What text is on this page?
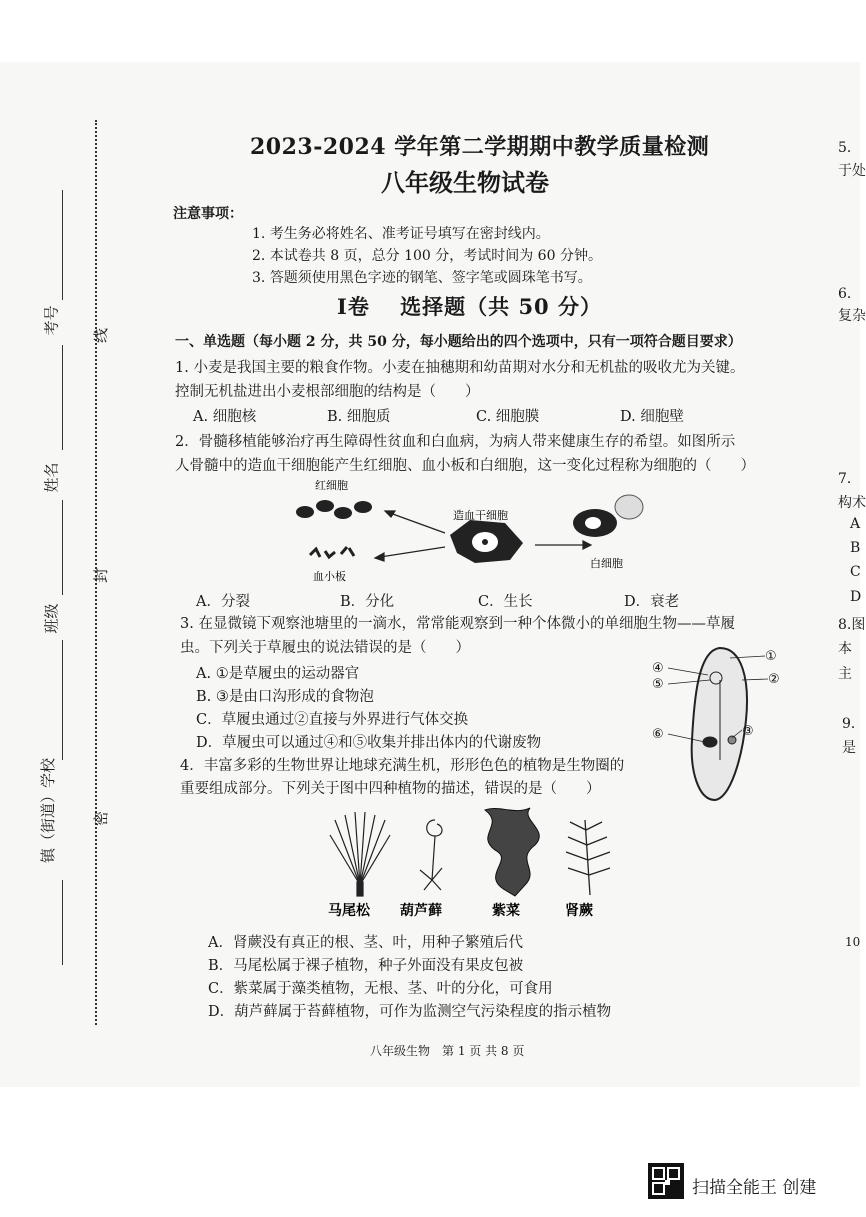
线
封
密
考号
姓名
班级
镇（街道）学校
2023-2024 学年第二学期期中教学质量检测
八年级生物试卷
注意事项：
1. 考生务必将姓名、准考证号填写在密封线内。
2. 本试卷共 8 页，总分 100 分，考试时间为 60 分钟。
3. 答题须使用黑色字迹的钢笔、签字笔或圆珠笔书写。
Ⅰ卷　 选择题（共 50 分）
一、单选题（每小题 2 分，共 50 分，每小题给出的四个选项中，只有一项符合题目要求）
1. 小麦是我国主要的粮食作物。小麦在抽穗期和幼苗期对水分和无机盐的吸收尤为关键。
控制无机盐进出小麦根部细胞的结构是（　　）
A. 细胞核	B. 细胞质	C. 细胞膜	D. 细胞壁
2．骨髓移植能够治疗再生障碍性贫血和白血病，为病人带来健康生存的希望。如图所示
人骨髓中的造血干细胞能产生红细胞、血小板和白细胞，这一变化过程称为细胞的（　　）
红细胞
造血干细胞
血小板
白细胞
A．分裂	B．分化	C．生长	D．衰老
3. 在显微镜下观察池塘里的一滴水，常常能观察到一种个体微小的单细胞生物——草履
虫。下列关于草履虫的说法错误的是（　　）
A. ①是草履虫的运动器官
B. ③是由口沟形成的食物泡
C．草履虫通过②直接与外界进行气体交换
D．草履虫可以通过④和⑤收集并排出体内的代谢废物
①
②
③
④
⑤
⑥
4．丰富多彩的生物世界让地球充满生机，形形色色的植物是生物圈的
重要组成部分。下列关于图中四种植物的描述，错误的是（　　）
马尾松 葫芦藓	紫菜	肾蕨
A．肾蕨没有真正的根、茎、叶，用种子繁殖后代
B．马尾松属于裸子植物，种子外面没有果皮包被
C．紫菜属于藻类植物，无根、茎、叶的分化，可食用
D．葫芦藓属于苔藓植物，可作为监测空气污染程度的指示植物
八年级生物　第 1 页 共 8 页
5．
于处
6．
复杂
7．
构术
A
B
C
D
8.图
本
主
9．
是
10
扫描全能王 创建
